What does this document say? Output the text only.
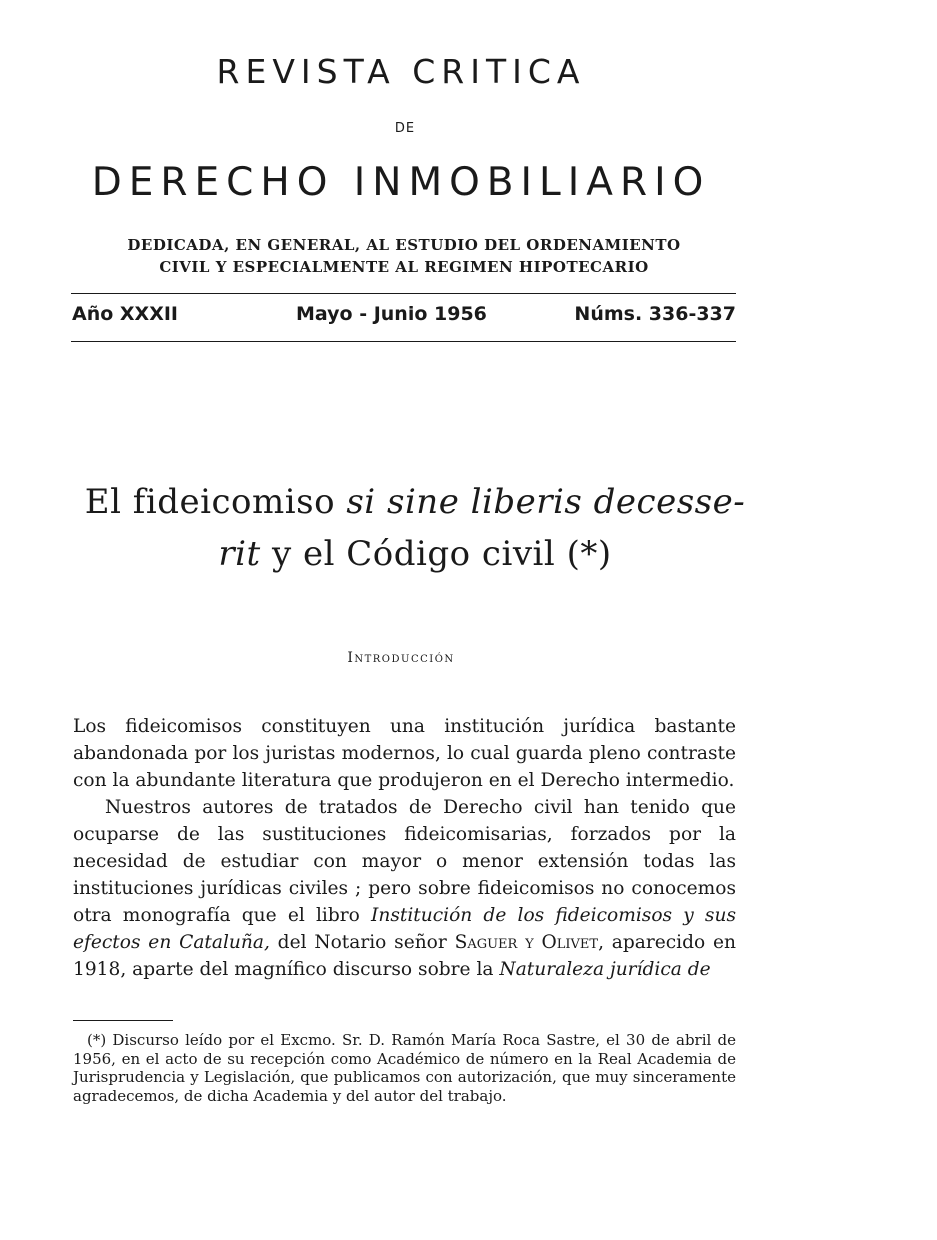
REVISTA CRITICA
DE
DERECHO INMOBILIARIO
DEDICADA, EN GENERAL, AL ESTUDIO DEL ORDENAMIENTO
CIVIL Y ESPECIALMENTE AL REGIMEN HIPOTECARIO
Año XXXII	Mayo - Junio 1956	Núms. 336-337
El fideicomiso si sine liberis decesse-
rit y el Código civil (*)
Introducción

Los fideicomisos constituyen una institución jurídica bastante abandonada por los juristas modernos, lo cual guarda pleno contraste con la abundante literatura que produjeron en el Derecho intermedio.

Nuestros autores de tratados de Derecho civil han tenido que ocuparse de las sustituciones fideicomisarias, forzados por la necesidad de estudiar con mayor o menor extensión todas las instituciones jurídicas civiles ; pero sobre fideicomisos no conocemos otra monografía que el libro Institución de los fideicomisos y sus efectos en Cataluña, del Notario señor Saguer y Olivet, aparecido en 1918, aparte del magnífico discurso sobre la Naturaleza jurídica de

(*) Discurso leído por el Excmo. Sr. D. Ramón María Roca Sastre, el 30 de abril de 1956, en el acto de su recepción como Académico de número en la Real Academia de Jurisprudencia y Legislación, que publicamos con autorización, que muy sinceramente agradecemos, de dicha Academia y del autor del trabajo.
